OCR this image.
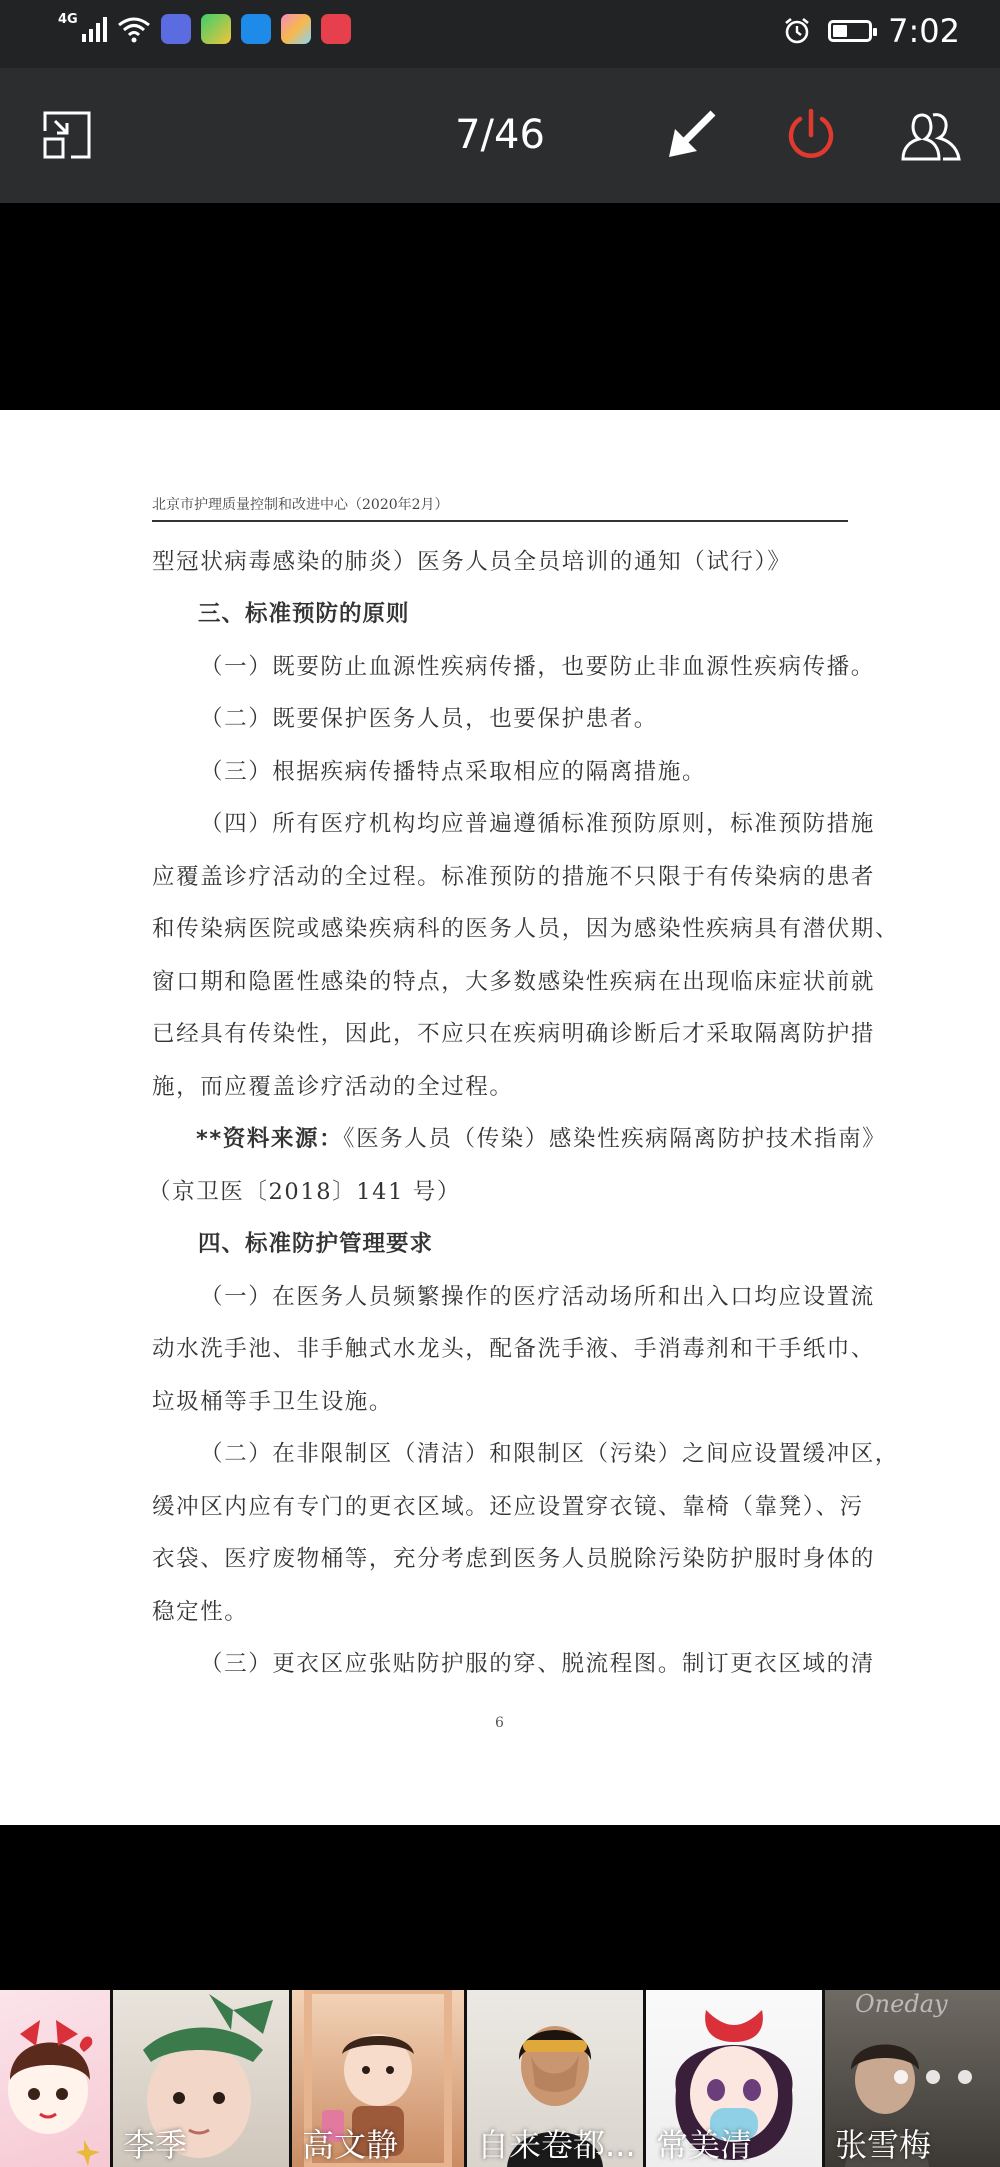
4G	7:02
7/46
北京市护理质量控制和改进中心（2020年2月）
型冠状病毒感染的肺炎）医务人员全员培训的通知（试行）》
三、标准预防的原则
（一）既要防止血源性疾病传播，也要防止非血源性疾病传播。
（二）既要保护医务人员，也要保护患者。
（三）根据疾病传播特点采取相应的隔离措施。
（四）所有医疗机构均应普遍遵循标准预防原则，标准预防措施
应覆盖诊疗活动的全过程。标准预防的措施不只限于有传染病的患者
和传染病医院或感染疾病科的医务人员，因为感染性疾病具有潜伏期、
窗口期和隐匿性感染的特点，大多数感染性疾病在出现临床症状前就
已经具有传染性，因此，不应只在疾病明确诊断后才采取隔离防护措
施，而应覆盖诊疗活动的全过程。
**资料来源：《医务人员（传染）感染性疾病隔离防护技术指南》
（京卫医〔2018〕141 号）
四、标准防护管理要求
（一）在医务人员频繁操作的医疗活动场所和出入口均应设置流
动水洗手池、非手触式水龙头，配备洗手液、手消毒剂和干手纸巾、
垃圾桶等手卫生设施。
（二）在非限制区（清洁）和限制区（污染）之间应设置缓冲区，
缓冲区内应有专门的更衣区域。还应设置穿衣镜、靠椅（靠凳）、污
衣袋、医疗废物桶等，充分考虑到医务人员脱除污染防护服时身体的
稳定性。
（三）更衣区应张贴防护服的穿、脱流程图。制订更衣区域的清
6
李季	高文静	自来卷都... 常美清
Oneday
张雪梅
